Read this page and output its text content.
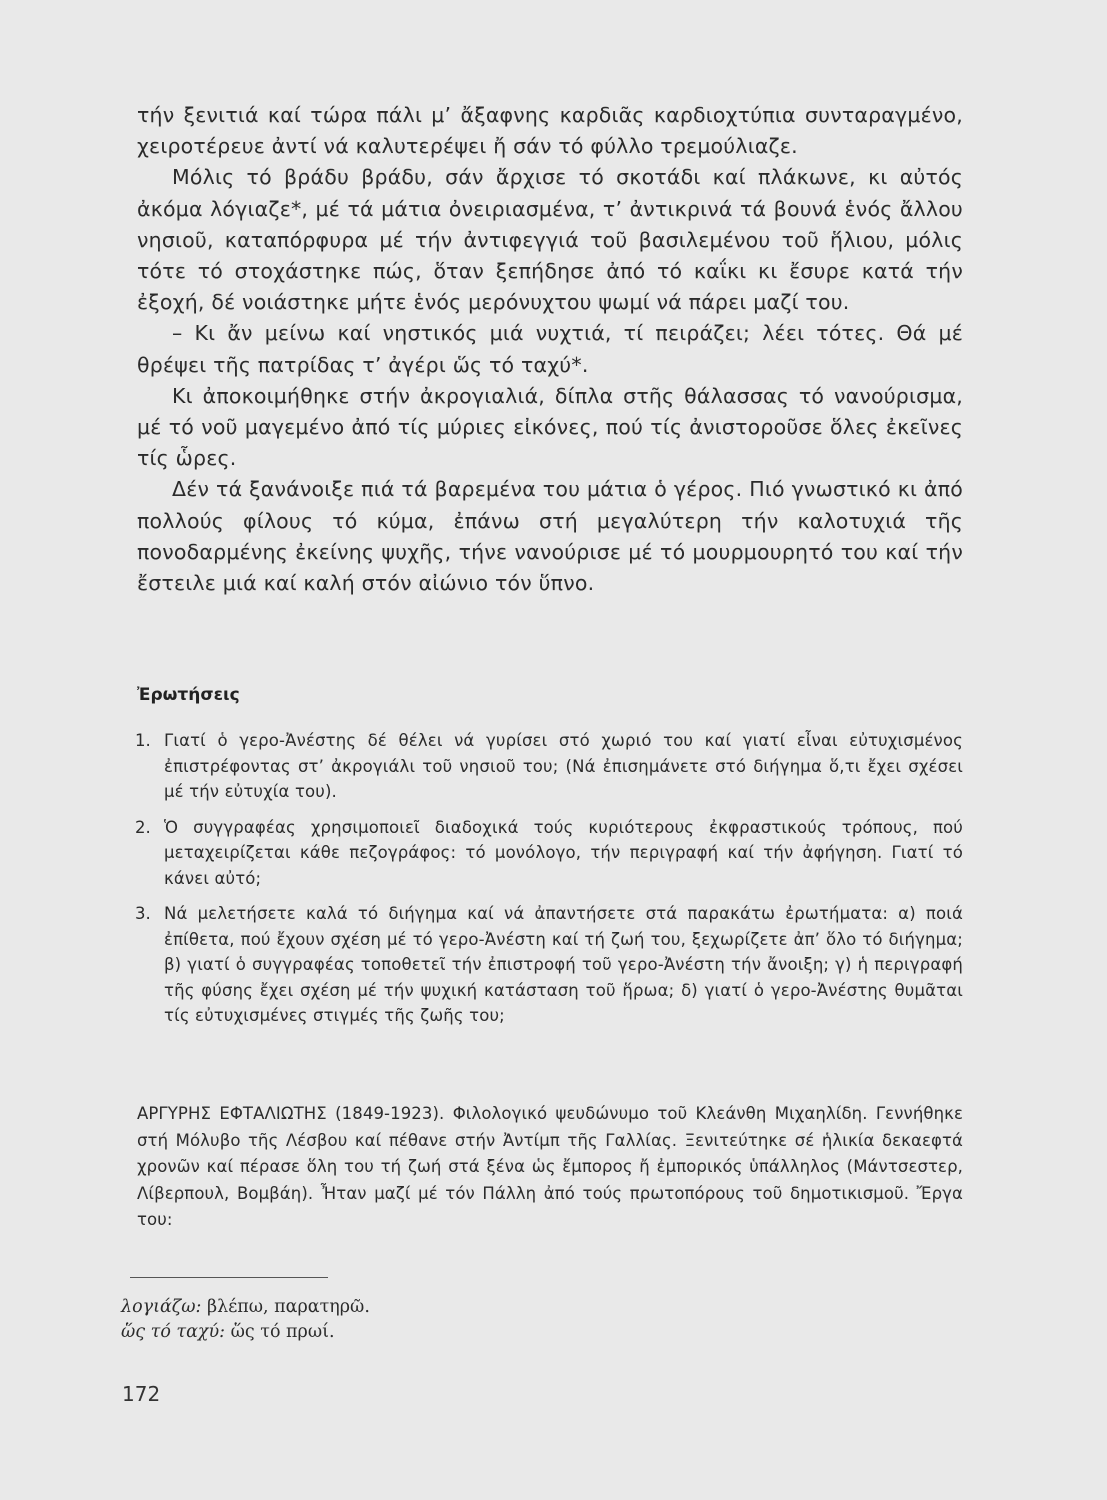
τήν ξενιτιά καί τώρα πάλι μ’ ἄξαφνης καρδιᾶς καρδιοχτύπια συνταραγμένο, χειροτέρευε ἀντί νά καλυτερέψει ἤ σάν τό φύλλο τρεμούλιαζε.

Μόλις τό βράδυ βράδυ, σάν ἄρχισε τό σκοτάδι καί πλάκωνε, κι αὐτός ἀκόμα λόγιαζε*, μέ τά μάτια ὀνειριασμένα, τ’ ἀντικρινά τά βουνά ἑνός ἄλλου νησιοῦ, καταπόρφυρα μέ τήν ἀντιφεγγιά τοῦ βασιλεμένου τοῦ ἥλιου, μόλις τότε τό στοχάστηκε πώς, ὅταν ξεπήδησε ἀπό τό καΐκι κι ἔσυρε κατά τήν ἐξοχή, δέ νοιάστηκε μήτε ἑνός μερόνυχτου ψωμί νά πάρει μαζί του.

– Κι ἄν μείνω καί νηστικός μιά νυχτιά, τί πειράζει; λέει τότες. Θά μέ θρέψει τῆς πατρίδας τ’ ἀγέρι ὥς τό ταχύ*.

Κι ἀποκοιμήθηκε στήν ἀκρογιαλιά, δίπλα στῆς θάλασσας τό νανούρισμα, μέ τό νοῦ μαγεμένο ἀπό τίς μύριες εἰκόνες, πού τίς ἀνιστοροῦσε ὅλες ἐκεῖνες τίς ὧρες.

Δέν τά ξανάνοιξε πιά τά βαρεμένα του μάτια ὁ γέρος. Πιό γνωστικό κι ἀπό πολλούς φίλους τό κύμα, ἐπάνω στή μεγαλύτερη τήν καλοτυχιά τῆς πονοδαρμένης ἐκείνης ψυχῆς, τήνε νανούρισε μέ τό μουρμουρητό του καί τήν ἔστειλε μιά καί καλή στόν αἰώνιο τόν ὕπνο.

Ἐρωτήσεις
1. Γιατί ὁ γερο-Ἀνέστης δέ θέλει νά γυρίσει στό χωριό του καί γιατί εἶναι εὐτυχισμένος ἐπιστρέφοντας στ’ ἀκρογιάλι τοῦ νησιοῦ του; (Νά ἐπισημάνετε στό διήγημα ὅ,τι ἔχει σχέσει μέ τήν εὐτυχία του).
2. Ὁ συγγραφέας χρησιμοποιεῖ διαδοχικά τούς κυριότερους ἐκφραστικούς τρόπους, πού μεταχειρίζεται κάθε πεζογράφος: τό μονόλογο, τήν περιγραφή καί τήν ἀφήγηση. Γιατί τό κάνει αὐτό;
3. Νά μελετήσετε καλά τό διήγημα καί νά ἀπαντήσετε στά παρακάτω ἐρωτήματα: α) ποιά ἐπίθετα, πού ἔχουν σχέση μέ τό γερο-Ἀνέστη καί τή ζωή του, ξεχωρίζετε ἀπ’ ὅλο τό διήγημα; β) γιατί ὁ συγγραφέας τοποθετεῖ τήν ἐπιστροφή τοῦ γερο-Ἀνέστη τήν ἄνοιξη; γ) ἡ περιγραφή τῆς φύσης ἔχει σχέση μέ τήν ψυχική κατάσταση τοῦ ἥρωα; δ) γιατί ὁ γερο-Ἀνέστης θυμᾶται τίς εὐτυχισμένες στιγμές τῆς ζωῆς του;
ΑΡΓΥΡΗΣ ΕΦΤΑΛΙΩΤΗΣ (1849-1923). Φιλολογικό ψευδώνυμο τοῦ Κλεάνθη Μιχαηλίδη. Γεννήθηκε στή Μόλυβο τῆς Λέσβου καί πέθανε στήν Ἀντίμπ τῆς Γαλλίας. Ξενιτεύτηκε σέ ἡλικία δεκαεφτά χρονῶν καί πέρασε ὅλη του τή ζωή στά ξένα ὡς ἔμπορος ἤ ἐμπορικός ὑπάλληλος (Μάντσεστερ, Λίβερπουλ, Βομβάη). Ἦταν μαζί μέ τόν Πάλλη ἀπό τούς πρωτοπόρους τοῦ δημοτικισμοῦ. Ἔργα του:
λογιάζω: βλέπω, παρατηρῶ.
ὥς τό ταχύ: ὥς τό πρωί.
172
